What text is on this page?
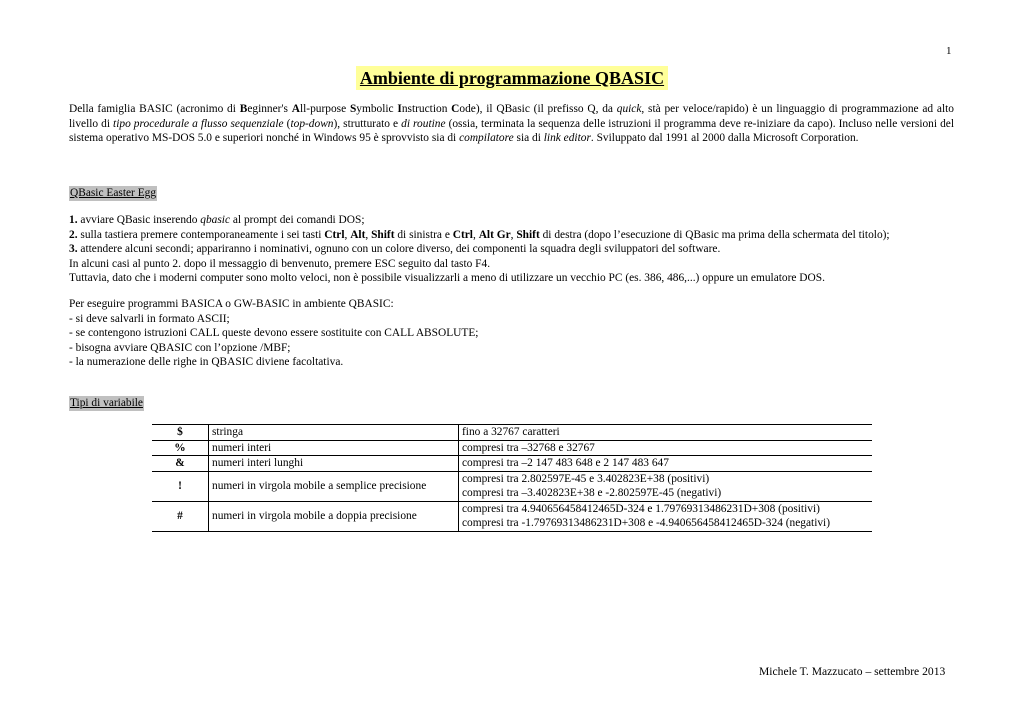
1
Ambiente di programmazione QBASIC

Della famiglia BASIC (acronimo di Beginner's All-purpose Symbolic Instruction Code), il QBasic (il prefisso Q, da quick, stà per veloce/rapido) è un linguaggio di programmazione ad alto livello di tipo procedurale a flusso sequenziale (top-down), strutturato e di routine (ossia, terminata la sequenza delle istruzioni il programma deve re-iniziare da capo). Incluso nelle versioni del sistema operativo MS-DOS 5.0 e superiori nonché in Windows 95 è sprovvisto sia di compilatore sia di link editor. Sviluppato dal 1991 al 2000 dalla Microsoft Corporation.

QBasic Easter Egg

1. avviare QBasic inserendo qbasic al prompt dei comandi DOS;

2. sulla tastiera premere contemporaneamente i sei tasti Ctrl, Alt, Shift di sinistra e Ctrl, Alt Gr, Shift di destra (dopo l’esecuzione di QBasic ma prima della schermata del titolo);

3. attendere alcuni secondi; appariranno i nominativi, ognuno con un colore diverso, dei componenti la squadra degli sviluppatori del software.

In alcuni casi al punto 2. dopo il messaggio di benvenuto, premere ESC seguito dal tasto F4.

Tuttavia, dato che i moderni computer sono molto veloci, non è possibile visualizzarli a meno di utilizzare un vecchio PC (es. 386, 486,...) oppure un emulatore DOS.

Per eseguire programmi BASICA o GW-BASIC in ambiente QBASIC:

- si deve salvarli in formato ASCII;

- se contengono istruzioni CALL queste devono essere sostituite con CALL ABSOLUTE;

- bisogna avviare QBASIC con l’opzione /MBF;

- la numerazione delle righe in QBASIC diviene facoltativa.

Tipi di variabile
$	stringa	fino a 32767 caratteri

%	numeri interi	compresi tra –32768 e 32767

&	numeri interi lunghi	compresi tra –2 147 483 648 e 2 147 483 647

!	numeri in virgola mobile a semplice precisione	compresi tra 2.802597E-45 e 3.402823E+38 (positivi)
compresi tra –3.402823E+38 e -2.802597E-45 (negativi)

#	numeri in virgola mobile a doppia precisione	compresi tra 4.940656458412465D-324 e 1.79769313486231D+308 (positivi)
compresi tra -1.79769313486231D+308 e -4.940656458412465D-324 (negativi)
Michele T. Mazzucato – settembre 2013
